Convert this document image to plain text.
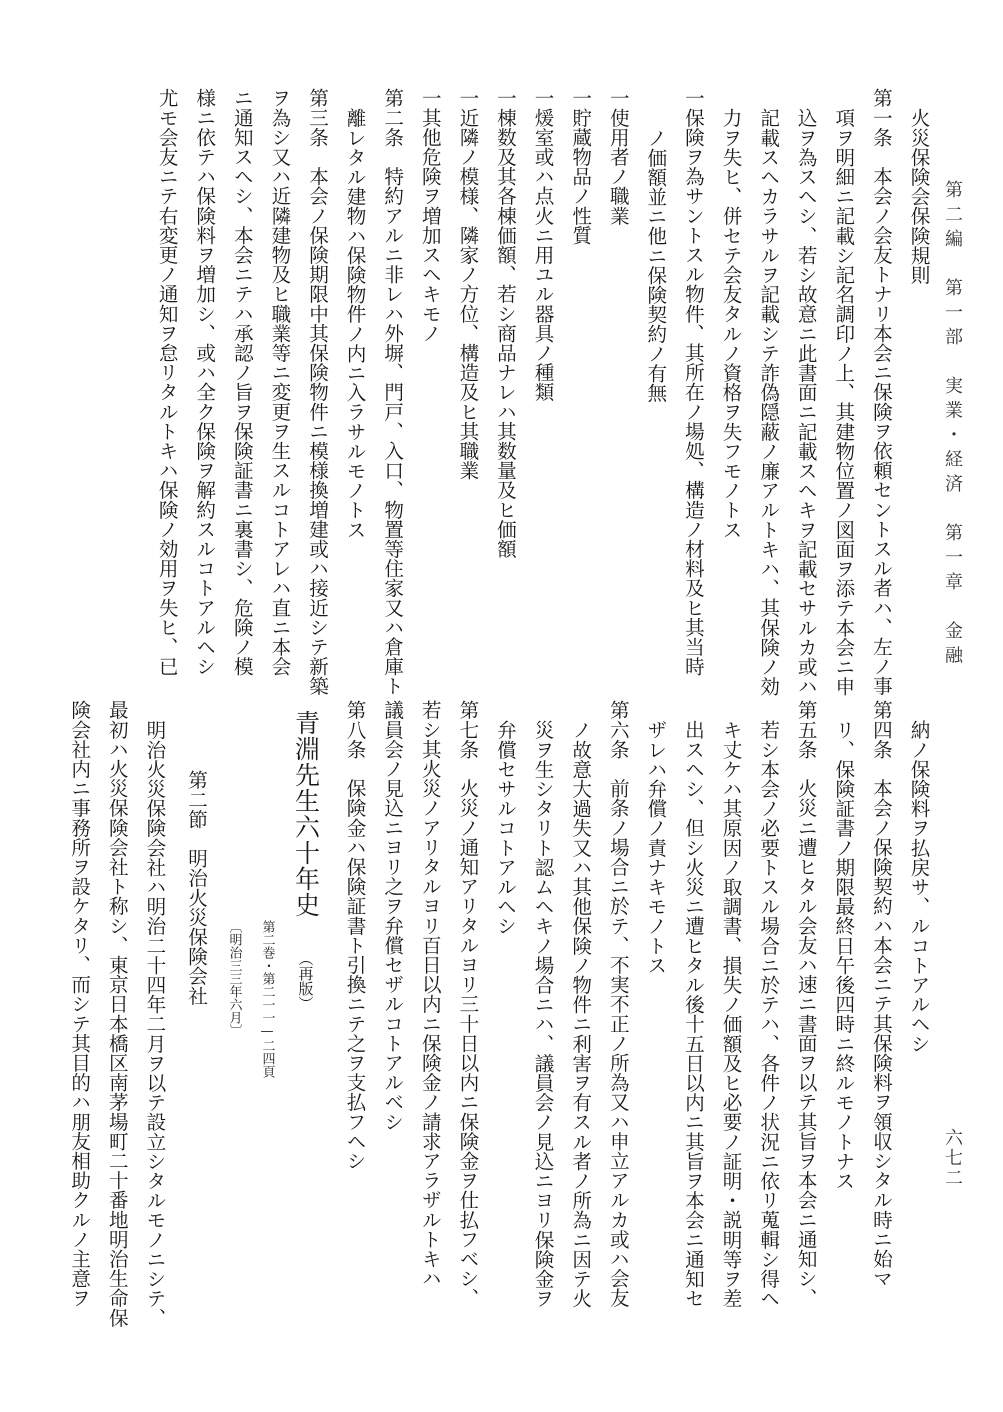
第二編　第一部　実業・経済　第一章　金融
火災保険会保険規則
第一条　本会ノ会友トナリ本会ニ保険ヲ依頼セントスル者ハ、左ノ事
項ヲ明細ニ記載シ記名調印ノ上、其建物位置ノ図面ヲ添テ本会ニ申
込ヲ為スヘシ、若シ故意ニ此書面ニ記載スヘキヲ記載セサルカ或ハ
記載スヘカラサルヲ記載シテ詐偽隠蔽ノ廉アルトキハ、其保険ノ効
力ヲ失ヒ、併セテ会友タルノ資格ヲ失フモノトス
一保険ヲ為サントスル物件、其所在ノ場処、構造ノ材料及ヒ其当時
ノ価額並ニ他ニ保険契約ノ有無
一使用者ノ職業
一貯蔵物品ノ性質
一煖室或ハ点火ニ用ユル器具ノ種類
一棟数及其各棟価額、若シ商品ナレハ其数量及ヒ価額
一近隣ノ模様、隣家ノ方位、構造及ヒ其職業
一其他危険ヲ増加スヘキモノ
第二条　特約アルニ非レハ外塀、門戸、入口、物置等住家又ハ倉庫ト
離レタル建物ハ保険物件ノ内ニ入ラサルモノトス
第三条　本会ノ保険期限中其保険物件ニ模様換増建或ハ接近シテ新築
ヲ為シ又ハ近隣建物及ヒ職業等ニ変更ヲ生スルコトアレハ直ニ本会
ニ通知スヘシ、本会ニテハ承認ノ旨ヲ保険証書ニ裏書シ、危険ノ模
様ニ依テハ保険料ヲ増加シ、或ハ全ク保険ヲ解約スルコトアルヘシ
尤モ会友ニテ右変更ノ通知ヲ怠リタルトキハ保険ノ効用ヲ失ヒ、已
六七二
納ノ保険料ヲ払戻サ、ルコトアルヘシ
第四条　本会ノ保険契約ハ本会ニテ其保険料ヲ領収シタル時ニ始マ
リ、保険証書ノ期限最終日午後四時ニ終ルモノトナス
第五条　火災ニ遭ヒタル会友ハ速ニ書面ヲ以テ其旨ヲ本会ニ通知シ、
若シ本会ノ必要トスル場合ニ於テハ、各件ノ状況ニ依リ蒐輯シ得ヘ
キ丈ケハ其原因ノ取調書、損失ノ価額及ヒ必要ノ証明・説明等ヲ差
出スヘシ、但シ火災ニ遭ヒタル後十五日以内ニ其旨ヲ本会ニ通知セ
ザレハ弁償ノ責ナキモノトス
第六条　前条ノ場合ニ於テ、不実不正ノ所為又ハ申立アルカ或ハ会友
ノ故意大過失又ハ其他保険ノ物件ニ利害ヲ有スル者ノ所為ニ因テ火
災ヲ生シタリト認ムヘキノ場合ニハ、議員会ノ見込ニヨリ保険金ヲ
弁償セサルコトアルヘシ
第七条　火災ノ通知アリタルヨリ三十日以内ニ保険金ヲ仕払フベシ、
若シ其火災ノアリタルヨリ百日以内ニ保険金ノ請求アラザルトキハ
議員会ノ見込ニヨリ之ヲ弁償セザルコトアルベシ
第八条　保険金ハ保険証書ト引換ニテ之ヲ支払フヘシ
青淵先生六十年史 （再版）
第二巻・第二一一—二四頁
〔明治三三年六月〕
第二節　明治火災保険会社
明治火災保険会社ハ明治二十四年二月ヲ以テ設立シタルモノニシテ、
最初ハ火災保険会社ト称シ、東京日本橋区南茅場町二十番地明治生命保
険会社内ニ事務所ヲ設ケタリ、而シテ其目的ハ朋友相助クルノ主意ヲ
